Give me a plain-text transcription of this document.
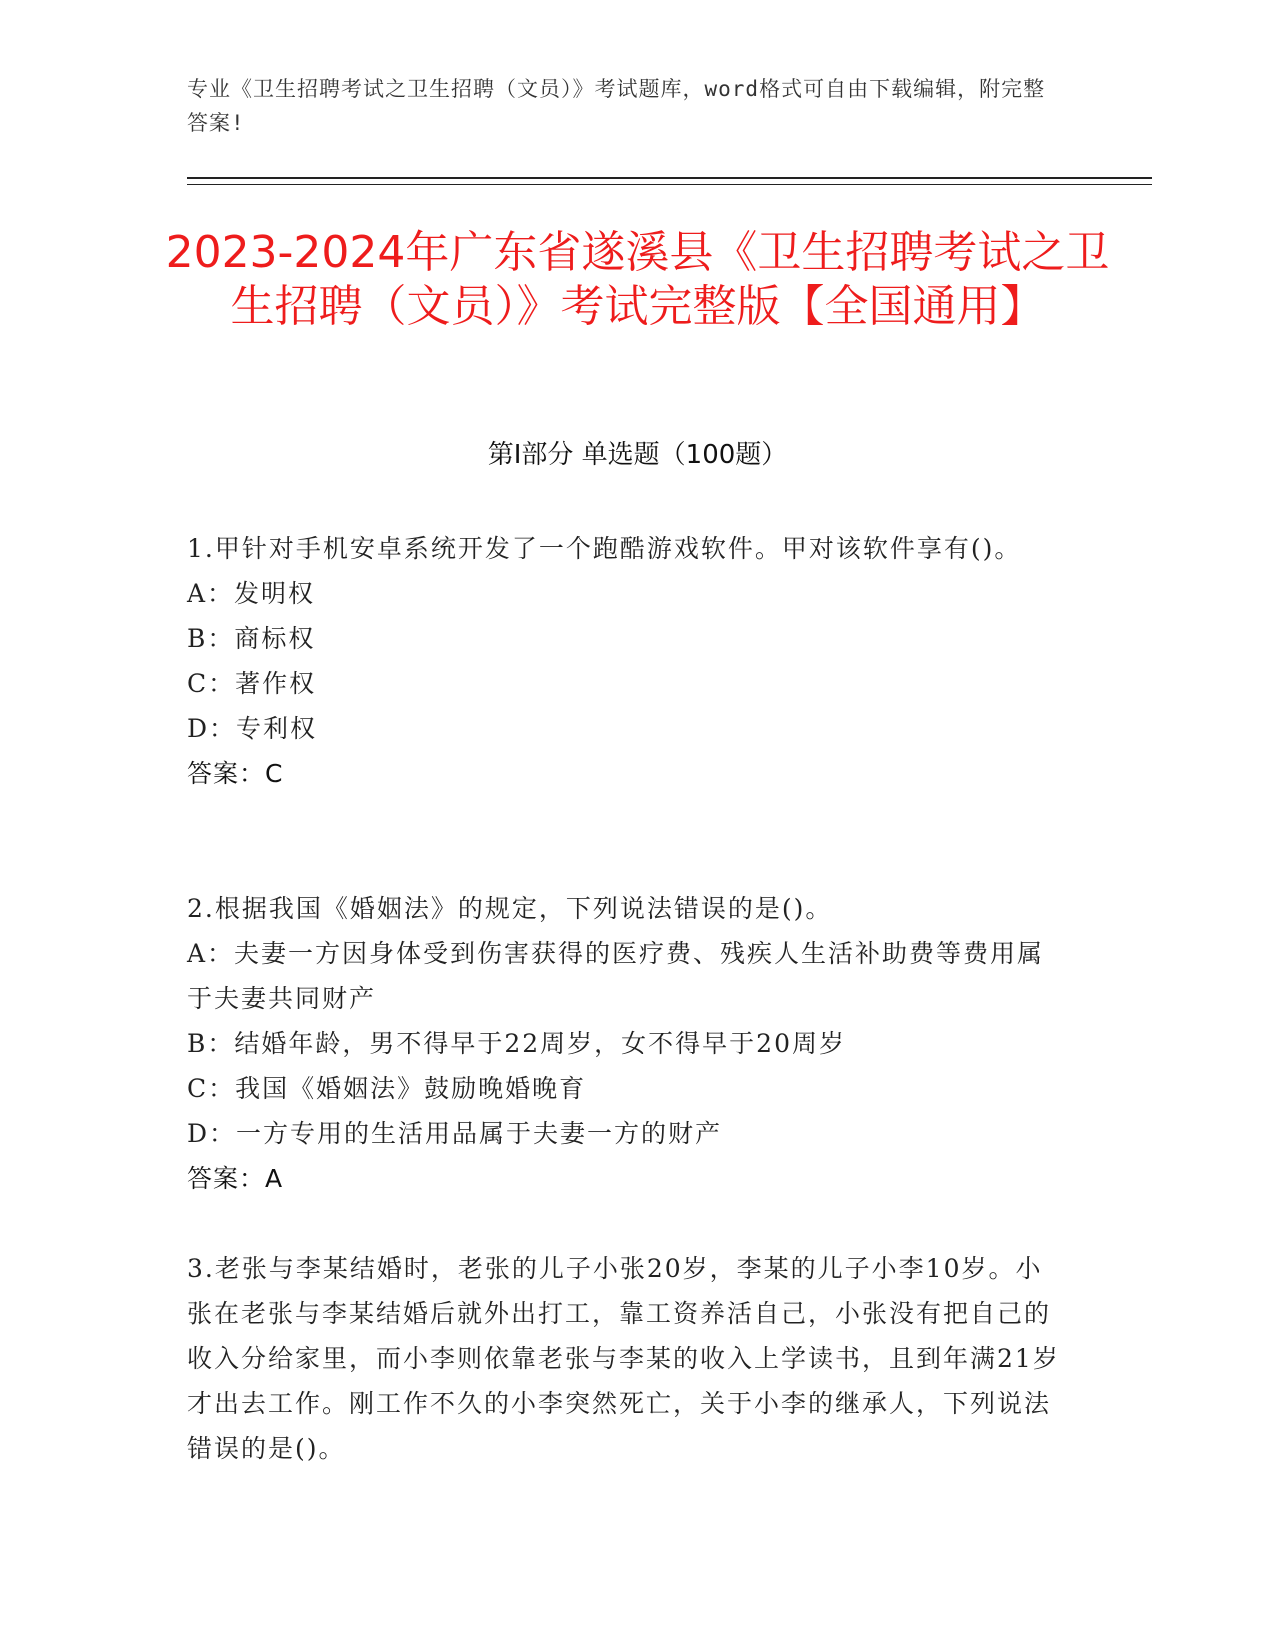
专业《卫生招聘考试之卫生招聘（文员）》考试题库，word格式可自由下载编辑，附完整答案!
2023-2024年广东省遂溪县《卫生招聘考试之卫生招聘（文员）》考试完整版【全国通用】
第Ⅰ部分 单选题（100题）

1.甲针对手机安卓系统开发了一个跑酷游戏软件。甲对该软件享有()。

A：发明权

B：商标权

C：著作权

D：专利权

答案：C

2.根据我国《婚姻法》的规定，下列说法错误的是()。

A：夫妻一方因身体受到伤害获得的医疗费、残疾人生活补助费等费用属于夫妻共同财产

B：结婚年龄，男不得早于22周岁，女不得早于20周岁

C：我国《婚姻法》鼓励晚婚晚育

D：一方专用的生活用品属于夫妻一方的财产

答案：A

3.老张与李某结婚时，老张的儿子小张20岁，李某的儿子小李10岁。小张在老张与李某结婚后就外出打工，靠工资养活自己，小张没有把自己的收入分给家里，而小李则依靠老张与李某的收入上学读书，且到年满21岁才出去工作。刚工作不久的小李突然死亡，关于小李的继承人，下列说法错误的是()。
